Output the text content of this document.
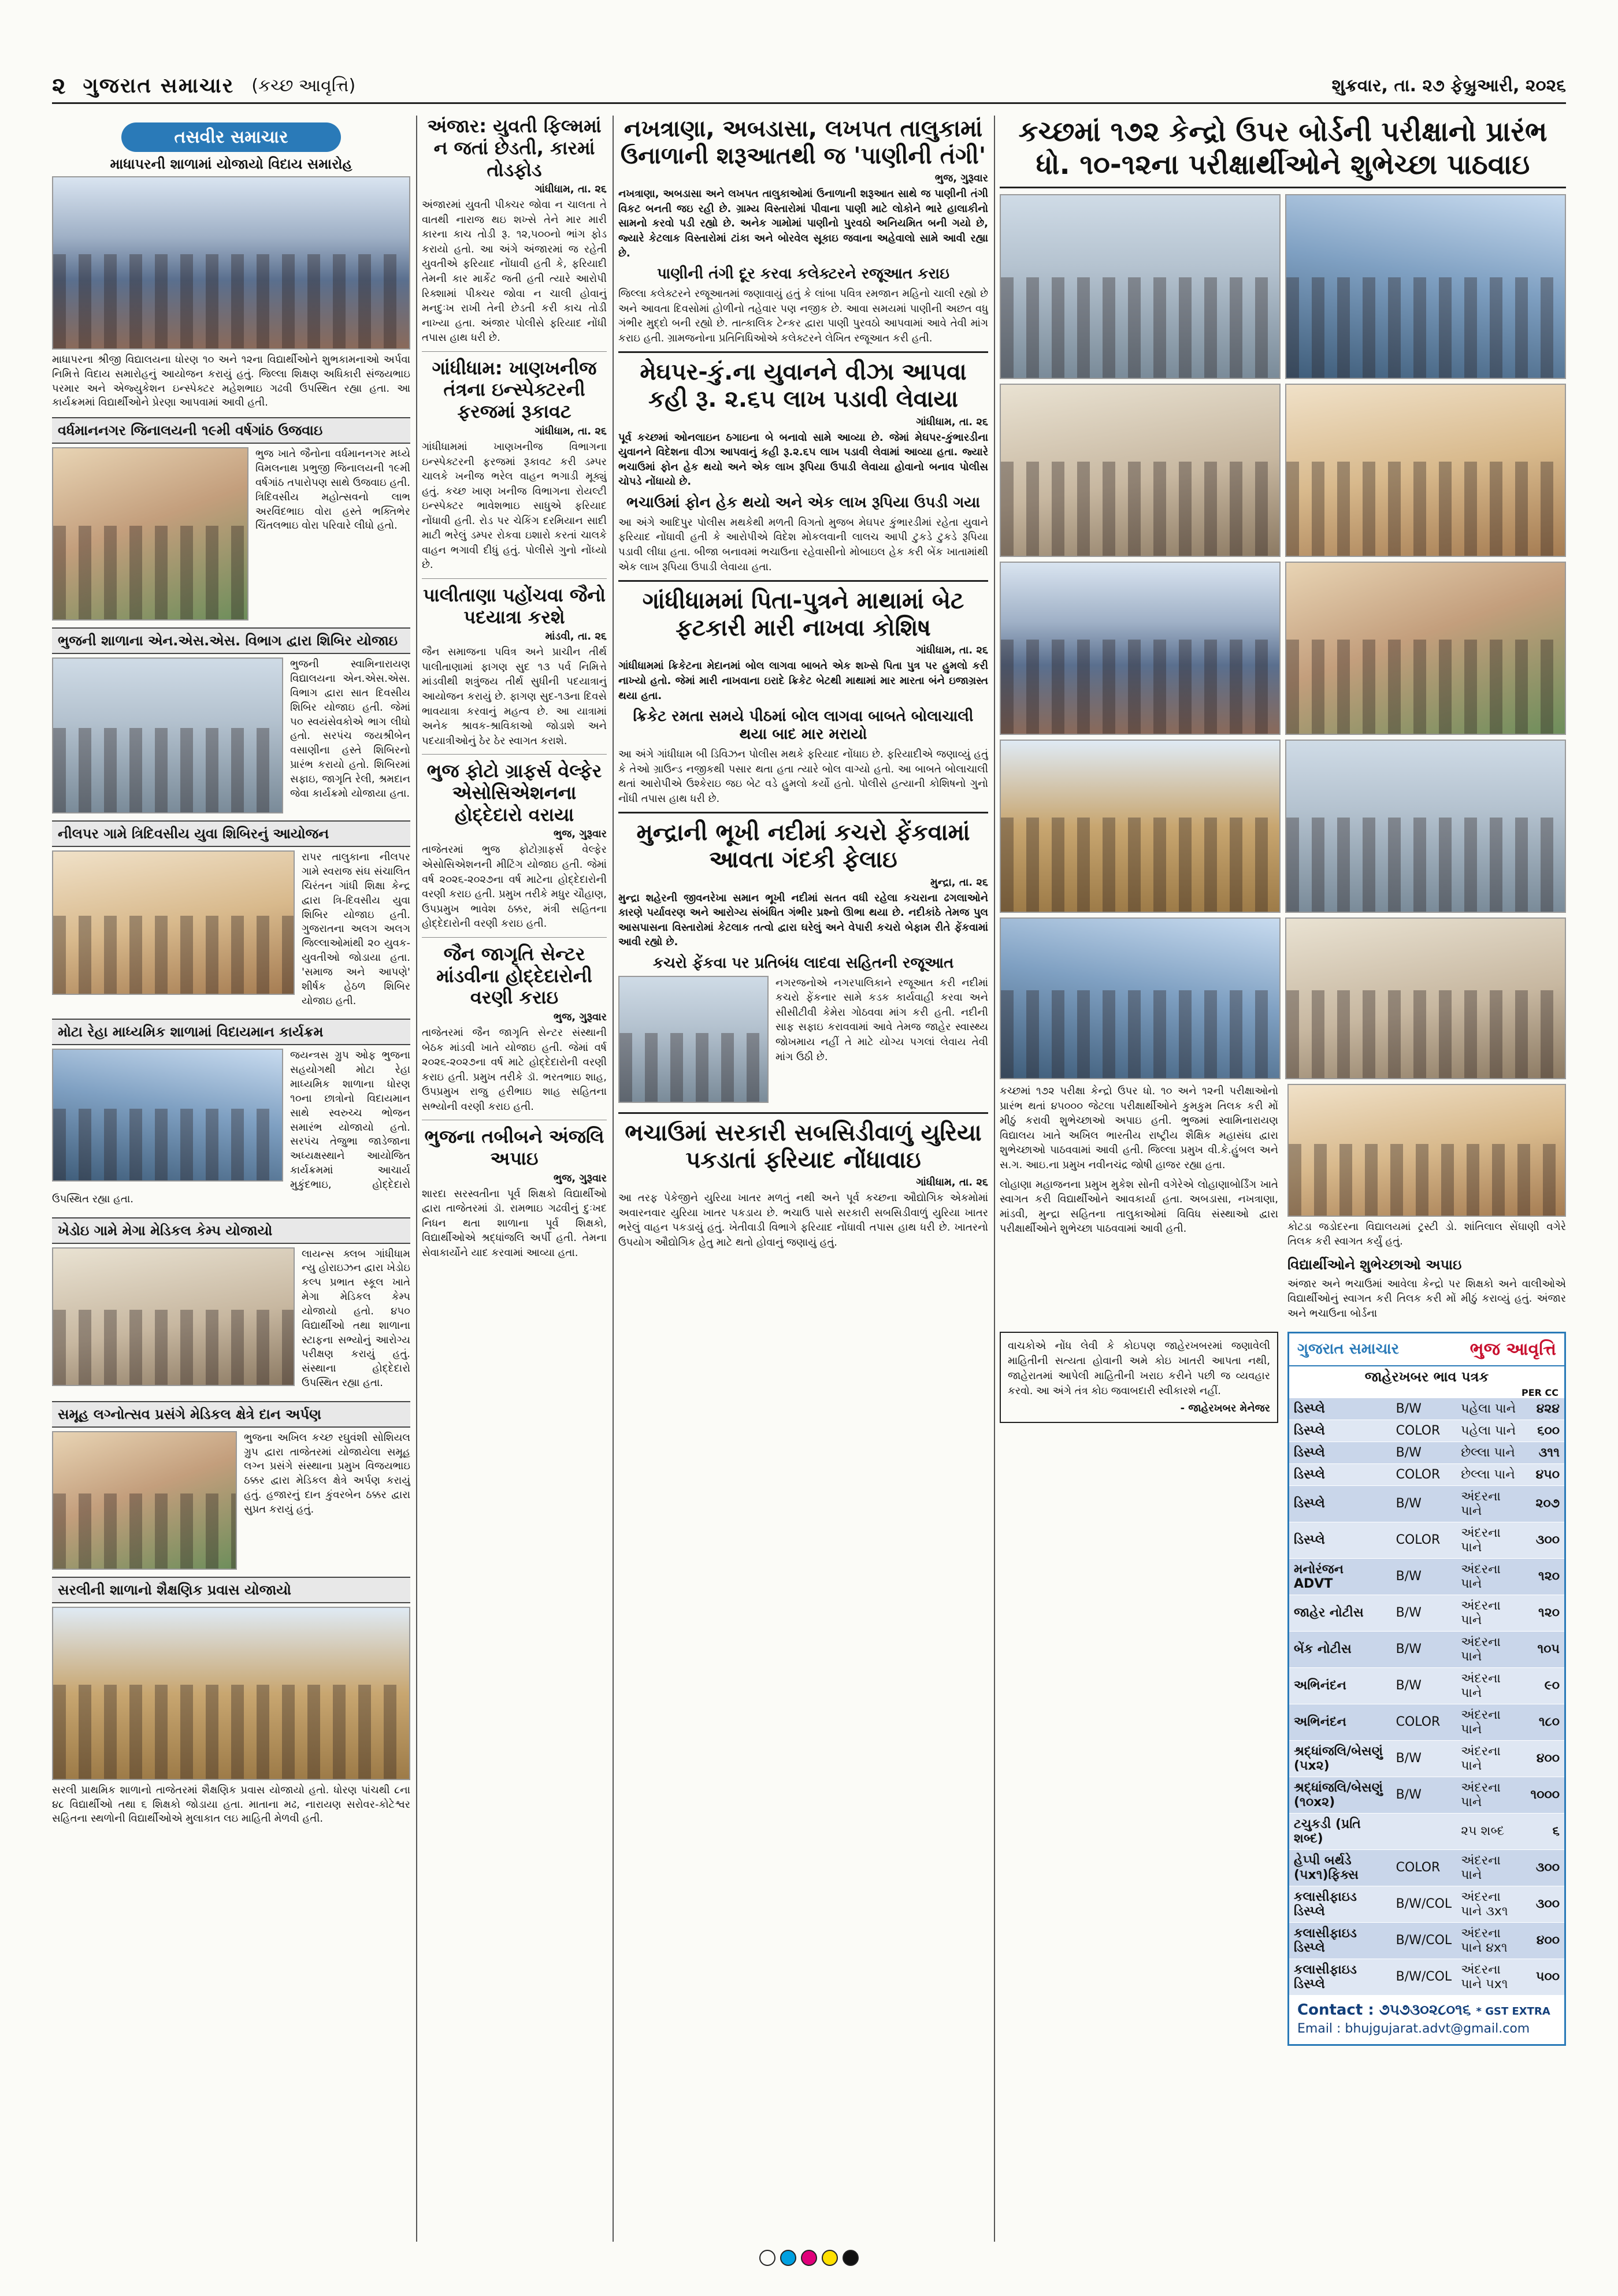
૨ ગુજરાત સમાચાર (કચ્છ આવૃત્તિ)	શુક્રવાર, તા. ૨૭ ફેબ્રુઆરી, ૨૦૨૬
તસવીર સમાચાર
માધાપરની શાળામાં યોજાયો વિદાય સમારોહ
માધાપરના શ્રીજી વિદ્યાલયના ધોરણ ૧૦ અને ૧૨ના વિદ્યાર્થીઓને શુભકામનાઓ અર્પવા નિમિત્તે વિદાય સમારોહનું આયોજન કરાયું હતું. જિલ્લા શિક્ષણ અધિકારી સંજયભાઇ પરમાર અને એજ્યુકેશન ઇન્સ્પેક્ટર મહેશભાઇ ગઢવી ઉપસ્થિત રહ્યા હતા. આ કાર્યક્રમમાં વિદ્યાર્થીઓને પ્રેરણા આપવામાં આવી હતી.
વર્ધમાનનગર જિનાલયની ૧૯મી વર્ષગાંઠ ઉજવાઇ
ભુજ ખાતે જૈનોના વર્ધમાનનગર મધ્યે વિમલનાથ પ્રભુજી જિનાલયની ૧૯મી વર્ષગાંઠ તપારોપણ સાથે ઉજવાઇ હતી. ત્રિદિવસીય મહોત્સવનો લાભ અરવિંદભાઇ વોરા હસ્તે ભક્તિભેર ચિંતલભાઇ વોરા પરિવારે લીધો હતો.
ભુજની શાળાના એન.એસ.એસ. વિભાગ દ્વારા શિબિર યોજાઇ
ભુજની સ્વામિનારાયણ વિદ્યાલયના એન.એસ.એસ. વિભાગ દ્વારા સાત દિવસીય શિબિર યોજાઇ હતી. જેમાં ૫૦ સ્વયંસેવકોએ ભાગ લીધો હતો. સરપંચ જયશ્રીબેન વસાણીના હસ્તે શિબિરનો પ્રારંભ કરાયો હતો. શિબિરમાં સફાઇ, જાગૃતિ રેલી, શ્રમદાન જેવા કાર્યક્રમો યોજાયા હતા.
નીલપર ગામે ત્રિદિવસીય યુવા શિબિરનું આયોજન
રાપર તાલુકાના નીલપર ગામે સ્વરાજ સંઘ સંચાલિત ચિરંતન ગાંધી શિક્ષા કેન્દ્ર દ્વારા ત્રિ-દિવસીય યુવા શિબિર યોજાઇ હતી. ગુજરાતના અલગ અલગ જિલ્લાઓમાંથી ૨૦ યુવક-યુવતીઓ જોડાયા હતા. 'સમાજ અને આપણે' શીર્ષક હેઠળ શિબિર યોજાઇ હતી.
મોટા રેહા માધ્યમિક શાળામાં વિદાયમાન કાર્યક્રમ
જયન્ત્રસ ગ્રુપ ઓફ ભુજના સહયોગથી મોટા રેહા માધ્યમિક શાળાના ધોરણ ૧૦ના છાત્રોનો વિદાયમાન સાથે સ્વરુચ્ચ ભોજન સમારંભ યોજાયો હતો. સરપંચ તેજુભા જાડેજાના અધ્યક્ષસ્થાને આયોજિત કાર્યક્રમમાં આચાર્ય મુકુંદભાઇ, હોદ્દેદારો ઉપસ્થિત રહ્યા હતા.
ખેડોઇ ગામે મેગા મેડિકલ કેમ્પ યોજાયો
લાયન્સ ક્લબ ગાંધીધામ ન્યુ હોરાઇઝન દ્વારા ખેડોઇ કલ્પ પ્રભાત સ્કૂલ ખાતે મેગા મેડિકલ કેમ્પ યોજાયો હતો. ૪૫૦ વિદ્યાર્થીઓ તથા શાળાના સ્ટાફના સભ્યોનું આરોગ્ય પરીક્ષણ કરાયું હતું. સંસ્થાના હોદ્દેદારો ઉપસ્થિત રહ્યા હતા.
સમૂહ લગ્નોત્સવ પ્રસંગે મેડિકલ ક્ષેત્રે દાન અર્પણ
ભુજના અખિલ કચ્છ રઘુવંશી સોશિયલ ગ્રુપ દ્વારા તાજેતરમાં યોજાયેલા સમૂહ લગ્ન પ્રસંગે સંસ્થાના પ્રમુખ વિજયભાઇ ઠક્કર દ્વારા મેડિકલ ક્ષેત્રે અર્પણ કરાયું હતું. હજારનું દાન કુંવરબેન ઠક્કર દ્વારા સુપ્રત કરાયું હતું.
સરલીની શાળાનો શૈક્ષણિક પ્રવાસ યોજાયો
સરલી પ્રાથમિક શાળાનો તાજેતરમાં શૈક્ષણિક પ્રવાસ યોજાયો હતો. ધોરણ પાંચથી ૮ના ૪૮ વિદ્યાર્થીઓ તથા ૬ શિક્ષકો જોડાયા હતા. માતાના મઢ, નારાયણ સરોવર-કોટેશ્વર સહિતના સ્થળોની વિદ્યાર્થીઓએ મુલાકાત લઇ માહિતી મેળવી હતી.
અંજાર: યુવતી ફિલ્મમાં ન જતાં છેડતી, કારમાં તોડફોડ
ગાંધીધામ, તા. ૨૬
અંજારમાં યુવતી પીક્ચર જોવા ન ચાલતા તે વાતથી નારાજ થઇ શખ્સે તેને માર મારી કારના કાચ તોડી રૂ. ૧૨,૫૦૦નો ભાંગ ફોડ કરાયો હતો. આ અંગે અંજારમાં જ રહેતી યુવતીએ ફરિયાદ નોંધાવી હતી કે, ફરિયાદી તેમની કાર માર્કેટ જતી હતી ત્યારે આરોપી રિક્શામાં પીક્ચર જોવા ન ચાલી હોવાનું મનદુઃખ રાખી તેની છેડતી કરી કાચ તોડી નાખ્યા હતા. અંજાર પોલીસે ફરિયાદ નોંધી તપાસ હાથ ધરી છે.
ગાંધીધામ: ખાણખનીજ તંત્રના ઇન્સ્પેક્ટરની ફરજમાં રૂકાવટ
ગાંધીધામ, તા. ૨૬
ગાંધીધામમાં ખાણખનીજ વિભાગના ઇન્સ્પેક્ટરની ફરજમાં રૂકાવટ કરી ડમ્પર ચાલકે ખનીજ ભરેલ વાહન ભગાડી મૂક્યું હતું. કચ્છ ખાણ ખનીજ વિભાગના રોયલ્ટી ઇન્સ્પેક્ટર ભાવેશભાઇ સાધુએ ફરિયાદ નોંધાવી હતી. રોડ પર ચેકિંગ દરમિયાન સાદી માટી ભરેલું ડમ્પર રોકવા ઇશારો કરતાં ચાલકે વાહન ભગાવી દીધું હતું. પોલીસે ગુનો નોંધ્યો છે.
પાલીતાણા પહોંચવા જૈનો પદયાત્રા કરશે
માંડવી, તા. ૨૬
જૈન સમાજના પવિત્ર અને પ્રાચીન તીર્થ પાલીતાણામાં ફાગણ સુદ ૧૩ પર્વ નિમિત્તે માંડવીથી શત્રુંજય તીર્થ સુધીની પદયાત્રાનું આયોજન કરાયું છે. ફાગણ સુદ-૧૩ના દિવસે ભાવયાત્રા કરવાનું મહત્વ છે. આ યાત્રામાં અનેક શ્રાવક-શ્રાવિકાઓ જોડાશે અને પદયાત્રીઓનું ઠેર ઠેર સ્વાગત કરાશે.
ભુજ ફોટો ગ્રાફર્સ વેલ્ફેર એસોસિએશનના હોદ્દેદારો વરાયા
ભુજ, ગુરૂવાર
તાજેતરમાં ભુજ ફોટોગ્રાફર્સ વેલ્ફેર એસોસિએશનની મીટિંગ યોજાઇ હતી. જેમાં વર્ષ ૨૦૨૬-૨૦૨૭ના વર્ષ માટેના હોદ્દેદારોની વરણી કરાઇ હતી. પ્રમુખ તરીકે મધુર ચૌહાણ, ઉપપ્રમુખ ભાવેશ ઠક્કર, મંત્રી સહિતના હોદ્દેદારોની વરણી કરાઇ હતી.
જૈન જાગૃતિ સેન્ટર માંડવીના હોદ્દેદારોની વરણી કરાઇ
ભુજ, ગુરૂવાર
તાજેતરમાં જૈન જાગૃતિ સેન્ટર સંસ્થાની બેઠક માંડવી ખાતે યોજાઇ હતી. જેમાં વર્ષ ૨૦૨૬-૨૦૨૭ના વર્ષ માટે હોદ્દેદારોની વરણી કરાઇ હતી. પ્રમુખ તરીકે ડૉ. ભરતભાઇ શાહ, ઉપપ્રમુખ રાજુ હરીભાઇ શાહ સહિતના સભ્યોની વરણી કરાઇ હતી.
ભુજના તબીબને અંજલિ અપાઇ
ભુજ, ગુરૂવાર
શારદા સરસ્વતીના પૂર્વ શિક્ષકો વિદ્યાર્થીઓ દ્વારા તાજેતરમાં ડૉ. રામભાઇ ગઢવીનું દુઃખદ નિધન થતા શાળાના પૂર્વ શિક્ષકો, વિદ્યાર્થીઓએ શ્રદ્ધાંજલિ અર્પી હતી. તેમના સેવાકાર્યોને યાદ કરવામાં આવ્યા હતા.
નખત્રાણા, અબડાસા, લખપત તાલુકામાં ઉનાળાની શરૂઆતથી જ 'પાણીની તંગી'
ભુજ, ગુરૂવાર
નખત્રાણા, અબડાસા અને લખપત તાલુકાઓમાં ઉનાળાની શરૂઆત સાથે જ પાણીની તંગી વિકટ બનતી જઇ રહી છે. ગ્રામ્ય વિસ્તારોમાં પીવાના પાણી માટે લોકોને ભારે હાલાકીનો સામનો કરવો પડી રહ્યો છે. અનેક ગામોમાં પાણીનો પુરવઠો અનિયમિત બની ગયો છે, જ્યારે કેટલાક વિસ્તારોમાં ટાંકા અને બોરવેલ સૂકાઇ જવાના અહેવાલો સામે આવી રહ્યા છે.
પાણીની તંગી દૂર કરવા કલેક્ટરને રજૂઆત કરાઇ
જિલ્લા કલેક્ટરને રજૂઆતમાં જણાવાયું હતું કે લાંબા પવિત્ર રમજાન મહિનો ચાલી રહ્યો છે અને આવતા દિવસોમાં હોળીનો તહેવાર પણ નજીક છે. આવા સમયમાં પાણીની અછત વધુ ગંભીર મુદ્દો બની રહ્યો છે. તાત્કાલિક ટેન્કર દ્વારા પાણી પુરવઠો આપવામાં આવે તેવી માંગ કરાઇ હતી. ગ્રામજનોના પ્રતિનિધિઓએ કલેક્ટરને લેખિત રજૂઆત કરી હતી.
મેઘપર-કું.ના યુવાનને વીઝા આપવા કહી રૂ. ૨.૬૫ લાખ પડાવી લેવાયા
ગાંધીધામ, તા. ૨૬
પૂર્વ કચ્છમાં ઓનલાઇન ઠગાઇના બે બનાવો સામે આવ્યા છે. જેમાં મેઘપર-કુંભારડીના યુવાનને વિદેશના વીઝા આપવાનું કહી રૂ.૨.૬૫ લાખ પડાવી લેવામાં આવ્યા હતા. જ્યારે ભચાઉમાં ફોન હેક થયો અને એક લાખ રૂપિયા ઉપાડી લેવાયા હોવાનો બનાવ પોલીસ ચોપડે નોંધાયો છે.
ભચાઉમાં ફોન હેક થયો અને એક લાખ રૂપિયા ઉપડી ગયા
આ અંગે આદિપુર પોલીસ મથકેથી મળતી વિગતો મુજબ મેઘપર કુંભારડીમાં રહેતા યુવાને ફરિયાદ નોંધાવી હતી કે આરોપીએ વિદેશ મોકલવાની લાલચ આપી ટુકડે ટુકડે રૂપિયા પડાવી લીધા હતા. બીજા બનાવમાં ભચાઉના રહેવાસીનો મોબાઇલ હેક કરી બેંક ખાતામાંથી એક લાખ રૂપિયા ઉપાડી લેવાયા હતા.
ગાંધીધામમાં પિતા-પુત્રને માથામાં બેટ ફટકારી મારી નાખવા કોશિષ
ગાંધીધામ, તા. ૨૬
ગાંધીધામમાં ક્રિકેટના મેદાનમાં બોલ લાગવા બાબતે એક શખ્સે પિતા પુત્ર પર હુમલો કરી નાખ્યો હતો. જેમાં મારી નાખવાના ઇરાદે ક્રિકેટ બેટથી માથામાં માર મારતા બંને ઇજાગ્રસ્ત થયા હતા.
ક્રિકેટ રમતા સમયે પીઠમાં બોલ લાગવા બાબતે બોલાચાલી થયા બાદ માર મરાયો
આ અંગે ગાંધીધામ બી ડિવિઝન પોલીસ મથકે ફરિયાદ નોંધાઇ છે. ફરિયાદીએ જણાવ્યું હતું કે તેઓ ગ્રાઉન્ડ નજીકથી પસાર થતા હતા ત્યારે બોલ વાગ્યો હતો. આ બાબતે બોલાચાલી થતાં આરોપીએ ઉશ્કેરાઇ જઇ બેટ વડે હુમલો કર્યો હતો. પોલીસે હત્યાની કોશિષનો ગુનો નોંધી તપાસ હાથ ધરી છે.
મુન્દ્રાની ભૂખી નદીમાં કચરો ફેંકવામાં આવતા ગંદકી ફેલાઇ
મુન્દ્રા, તા. ૨૬
મુન્દ્રા શહેરની જીવનરેખા સમાન ભૂખી નદીમાં સતત વધી રહેલા કચરાના ઢગલાઓને કારણે પર્યાવરણ અને આરોગ્ય સંબંધિત ગંભીર પ્રશ્નો ઊભા થયા છે. નદીકાંઠે તેમજ પુલ આસપાસના વિસ્તારોમાં કેટલાક તત્વો દ્વારા ઘરેલું અને વેપારી કચરો બેફામ રીતે ફેંકવામાં આવી રહ્યો છે.
કચરો ફેંકવા પર પ્રતિબંધ લાદવા સહિતની રજૂઆત
નગરજનોએ નગરપાલિકાને રજૂઆત કરી નદીમાં કચરો ફેંકનાર સામે કડક કાર્યવાહી કરવા અને સીસીટીવી કેમેરા ગોઠવવા માંગ કરી હતી. નદીની સાફ સફાઇ કરાવવામાં આવે તેમજ જાહેર સ્વાસ્થ્ય જોખમાય નહીં તે માટે યોગ્ય પગલાં લેવાય તેવી માંગ ઉઠી છે.
ભચાઉમાં સરકારી સબસિડીવાળું યુરિયા પકડાતાં ફરિયાદ નોંધાવાઇ
ગાંધીધામ, તા. ૨૬
આ તરફ પેકેજીને યુરિયા ખાતર મળતું નથી અને પૂર્વ કચ્છના ઔદ્યોગિક એકમોમાં અવારનવાર યુરિયા ખાતર પકડાય છે. ભચાઉ પાસે સરકારી સબસિડીવાળું યુરિયા ખાતર ભરેલું વાહન પકડાયું હતું. ખેતીવાડી વિભાગે ફરિયાદ નોંધાવી તપાસ હાથ ધરી છે. ખાતરનો ઉપયોગ ઔદ્યોગિક હેતુ માટે થતો હોવાનું જણાયું હતું.
કચ્છમાં ૧૭૨ કેન્દ્રો ઉપર બોર્ડની પરીક્ષાનો પ્રારંભ ધો. ૧૦-૧૨ના પરીક્ષાર્થીઓને શુભેચ્છા પાઠવાઇ
કચ્છમાં ૧૭૨ પરીક્ષા કેન્દ્રો ઉપર ધો. ૧૦ અને ૧૨ની પરીક્ષાઓનો પ્રારંભ થતાં ૪૫૦૦૦ જેટલા પરીક્ષાર્થીઓને કુમકુમ તિલક કરી મોં મીઠું કરાવી શુભેચ્છાઓ અપાઇ હતી. ભુજમાં સ્વામિનારાયણ વિદ્યાલય ખાતે અખિલ ભારતીય રાષ્ટ્રીય શૈક્ષિક મહાસંઘ દ્વારા શુભેચ્છાઓ પાઠવવામાં આવી હતી. જિલ્લા પ્રમુખ વી.કે.હુંબલ અને સ.ગ. આઇ.ના પ્રમુખ નવીનચંદ્ર જોષી હાજર રહ્યા હતા.
લોહાણા મહાજનના પ્રમુખ મુકેશ સોની વગેરેએ લોહાણાબોર્ડિંગ ખાતે સ્વાગત કરી વિદ્યાર્થીઓને આવકાર્યા હતા. અબડાસા, નખત્રાણા, માંડવી, મુન્દ્રા સહિતના તાલુકાઓમાં વિવિધ સંસ્થાઓ દ્વારા પરીક્ષાર્થીઓને શુભેચ્છા પાઠવવામાં આવી હતી.	કોટડા જડોદરના વિદ્યાલયમાં ટ્રસ્ટી ડો. શાંતિલાલ સેંઘાણી વગેરે તિલક કરી સ્વાગત કર્યું હતું.
વિદ્યાર્થીઓને શુભેચ્છાઓ અપાઇ
અંજાર અને ભચાઉમાં આવેલા કેન્દ્રો પર શિક્ષકો અને વાલીઓએ વિદ્યાર્થીઓનું સ્વાગત કરી તિલક કરી મોં મીઠું કરાવ્યું હતું. અંજાર અને ભચાઉના બોર્ડના
વાચકોએ નોંધ લેવી કે કોઇપણ જાહેરખબરમાં જણાવેલી માહિતીની સત્યતા હોવાની અમે કોઇ ખાતરી આપતા નથી, જાહેરાતમાં આપેલી માહિતીની ખરાઇ કરીને પછી જ વ્યવહાર કરવો. આ અંગે તંત્ર કોઇ જવાબદારી સ્વીકારશે નહીં.
- જાહેરખબર મેનેજર
ગુજરાત સમાચાર	ભુજ આવૃત્તિ
જાહેરખબર ભાવ પત્રક
PER CC
ડિસ્પ્લે	B/W	પહેલા પાને	૪૨૪
ડિસ્પ્લે	COLOR	પહેલા પાને	૬૦૦
ડિસ્પ્લે	B/W	છેલ્લા પાને	૩૧૧
ડિસ્પ્લે	COLOR	છેલ્લા પાને	૪૫૦
ડિસ્પ્લે	B/W	અંદરના પાને	૨૦૭
ડિસ્પ્લે	COLOR	અંદરના પાને	૩૦૦
મનોરંજન ADVT	B/W	અંદરના પાને	૧૨૦
જાહેર નોટીસ	B/W	અંદરના પાને	૧૨૦
બેંક નોટીસ	B/W	અંદરના પાને	૧૦૫
અભિનંદન	B/W	અંદરના પાને	૯૦
અભિનંદન	COLOR	અંદરના પાને	૧૮૦
શ્રદ્ધાંજલિ/બેસણું (૫x૨)	B/W	અંદરના પાને	૪૦૦
શ્રદ્ધાંજલિ/બેસણું (૧૦x૨)	B/W	અંદરના પાને	૧૦૦૦
ટચુકડી (પ્રતિ શબ્દ)		૨૫ શબ્દ	૬
હેપ્પી બર્થડે (૫x૧)ફિક્સ	COLOR	અંદરના પાને	૩૦૦
કલાસીફાઇડ ડિસ્પ્લે	B/W/COL	અંદરના પાને ૩x૧	૩૦૦
કલાસીફાઇડ ડિસ્પ્લે	B/W/COL	અંદરના પાને ૪x૧	૪૦૦
કલાસીફાઇડ ડિસ્પ્લે	B/W/COL	અંદરના પાને ૫x૧	૫૦૦
Contact : ૭૫૭૩૦૨૮૦૧૬ * GST EXTRA
Email : bhujgujarat.advt@gmail.com
